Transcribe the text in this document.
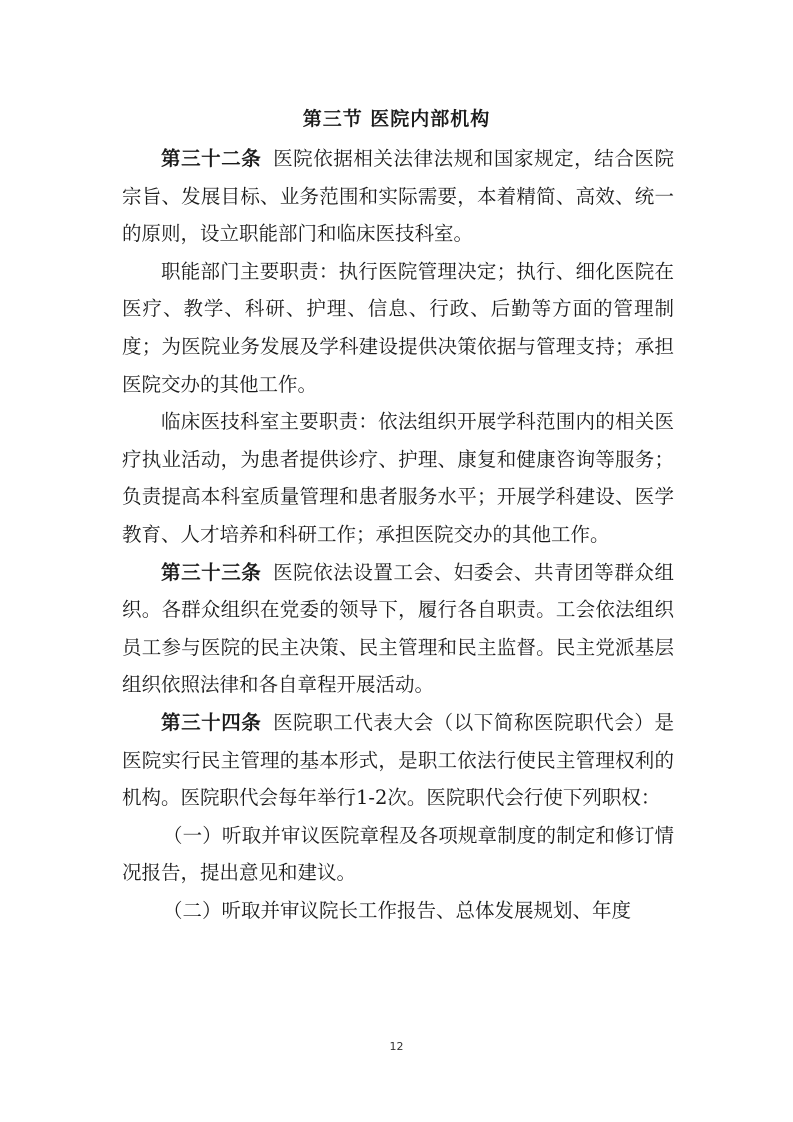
第三节 医院内部机构

第三十二条 医院依据相关法律法规和国家规定，结合医院宗旨、发展目标、业务范围和实际需要，本着精简、高效、统一的原则，设立职能部门和临床医技科室。

职能部门主要职责：执行医院管理决定；执行、细化医院在医疗、教学、科研、护理、信息、行政、后勤等方面的管理制度；为医院业务发展及学科建设提供决策依据与管理支持；承担医院交办的其他工作。

临床医技科室主要职责：依法组织开展学科范围内的相关医疗执业活动，为患者提供诊疗、护理、康复和健康咨询等服务；负责提高本科室质量管理和患者服务水平；开展学科建设、医学教育、人才培养和科研工作；承担医院交办的其他工作。

第三十三条 医院依法设置工会、妇委会、共青团等群众组织。各群众组织在党委的领导下，履行各自职责。工会依法组织员工参与医院的民主决策、民主管理和民主监督。民主党派基层组织依照法律和各自章程开展活动。

第三十四条 医院职工代表大会（以下简称医院职代会）是医院实行民主管理的基本形式，是职工依法行使民主管理权利的机构。医院职代会每年举行1-2次。医院职代会行使下列职权：

（一）听取并审议医院章程及各项规章制度的制定和修订情况报告，提出意见和建议。

（二）听取并审议院长工作报告、总体发展规划、年度

12
